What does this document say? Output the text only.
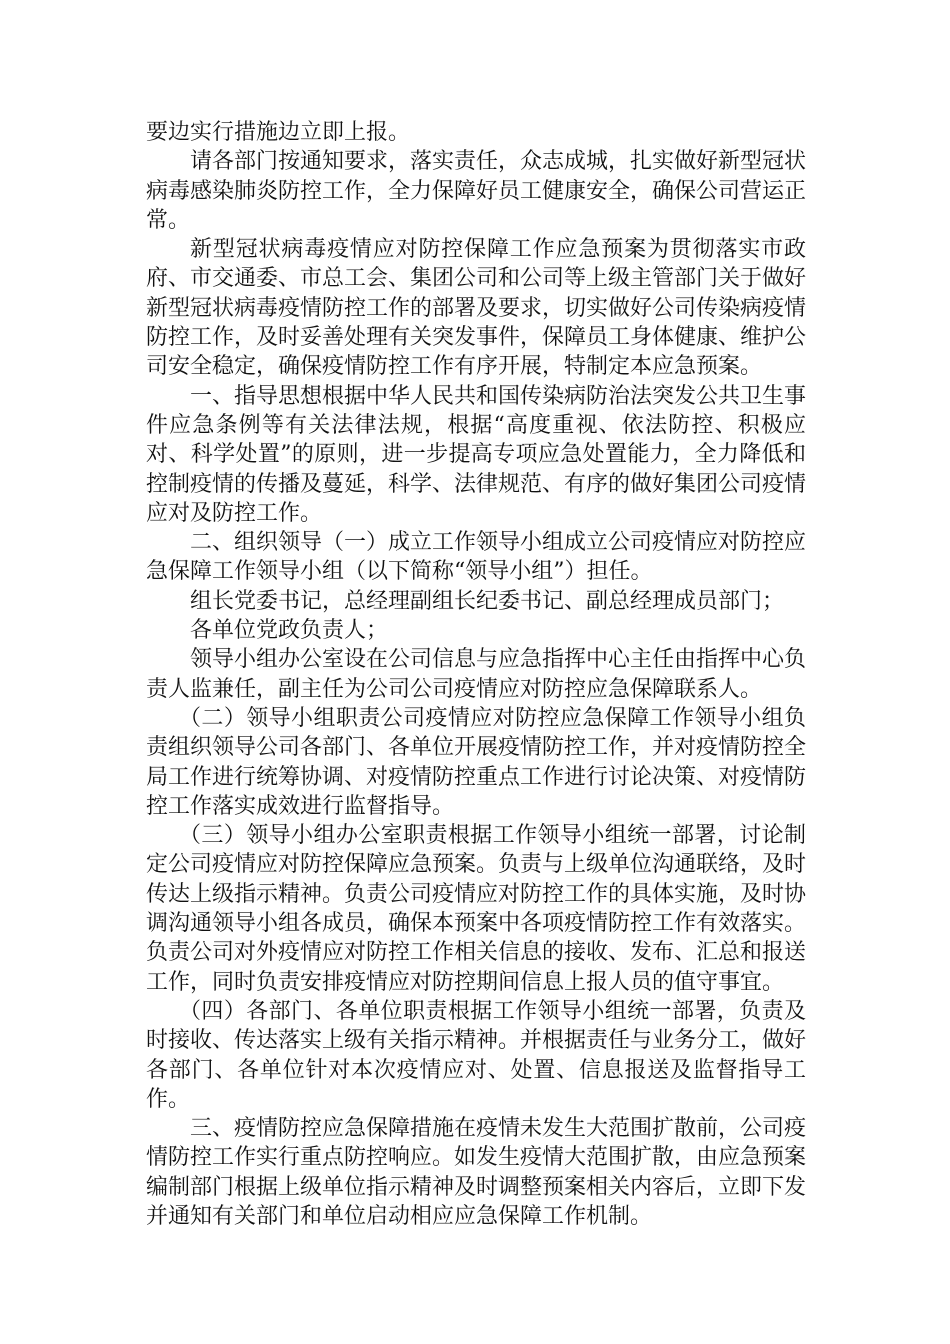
要边实行措施边立即上报。

请各部门按通知要求，落实责任，众志成城，扎实做好新型冠状病毒感染肺炎防控工作，全力保障好员工健康安全，确保公司营运正常。

新型冠状病毒疫情应对防控保障工作应急预案为贯彻落实市政府、市交通委、市总工会、集团公司和公司等上级主管部门关于做好新型冠状病毒疫情防控工作的部署及要求，切实做好公司传染病疫情防控工作，及时妥善处理有关突发事件，保障员工身体健康、维护公司安全稳定，确保疫情防控工作有序开展，特制定本应急预案。

一、指导思想根据中华人民共和国传染病防治法突发公共卫生事件应急条例等有关法律法规，根据“高度重视、依法防控、积极应对、科学处置”的原则，进一步提高专项应急处置能力，全力降低和控制疫情的传播及蔓延，科学、法律规范、有序的做好集团公司疫情应对及防控工作。

二、组织领导（一）成立工作领导小组成立公司疫情应对防控应急保障工作领导小组（以下简称“领导小组”）担任。

组长党委书记，总经理副组长纪委书记、副总经理成员部门；

各单位党政负责人；

领导小组办公室设在公司信息与应急指挥中心主任由指挥中心负责人监兼任，副主任为公司公司疫情应对防控应急保障联系人。

（二）领导小组职责公司疫情应对防控应急保障工作领导小组负责组织领导公司各部门、各单位开展疫情防控工作，并对疫情防控全局工作进行统筹协调、对疫情防控重点工作进行讨论决策、对疫情防控工作落实成效进行监督指导。

（三）领导小组办公室职责根据工作领导小组统一部署，讨论制定公司疫情应对防控保障应急预案。负责与上级单位沟通联络，及时传达上级指示精神。负责公司疫情应对防控工作的具体实施，及时协调沟通领导小组各成员，确保本预案中各项疫情防控工作有效落实。负责公司对外疫情应对防控工作相关信息的接收、发布、汇总和报送工作，同时负责安排疫情应对防控期间信息上报人员的值守事宜。

（四）各部门、各单位职责根据工作领导小组统一部署，负责及时接收、传达落实上级有关指示精神。并根据责任与业务分工，做好各部门、各单位针对本次疫情应对、处置、信息报送及监督指导工作。

三、疫情防控应急保障措施在疫情未发生大范围扩散前，公司疫情防控工作实行重点防控响应。如发生疫情大范围扩散，由应急预案编制部门根据上级单位指示精神及时调整预案相关内容后，立即下发并通知有关部门和单位启动相应应急保障工作机制。
